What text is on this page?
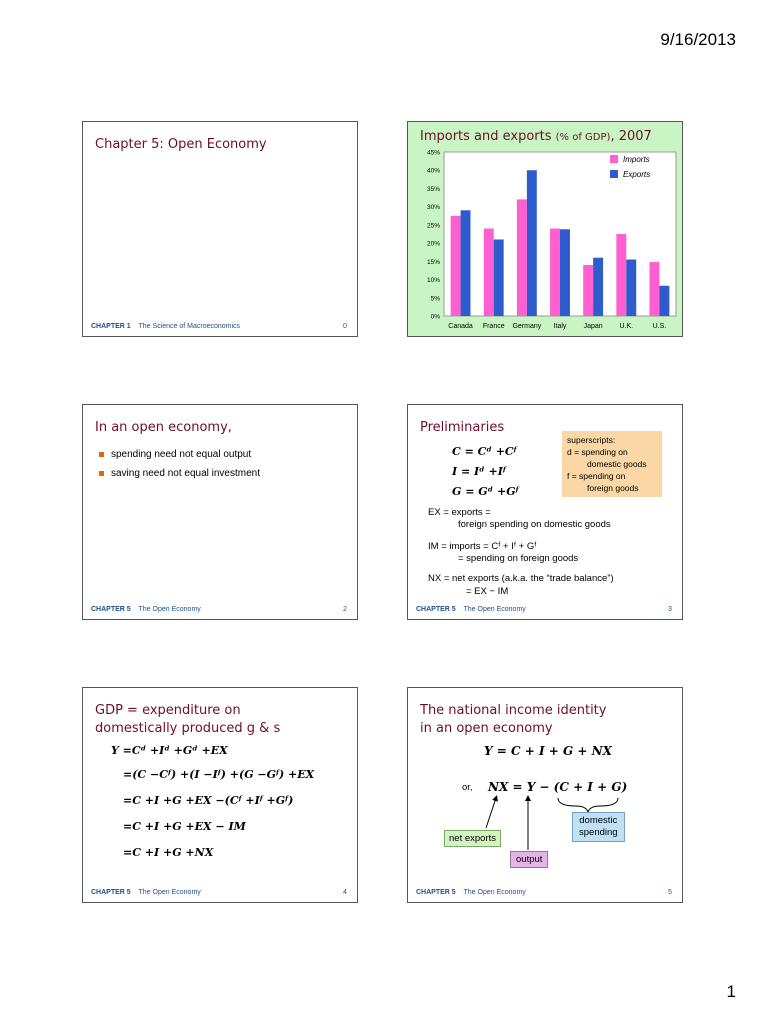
9/16/2013
Chapter 5: Open Economy
CHAPTER 1 The Science of Macroeconomics	0
Imports and exports (% of GDP), 2007
0%
5%
10%
15%
20%
25%
30%
35%
40%
45%
Canada France Germany Italy Japan U.K.	U.S.
Imports
Exports
In an open economy,
spending need not equal output
saving need not equal investment
CHAPTER 5 The Open Economy	2
Preliminaries
C = Cᵈ +Cᶠ
I = Iᵈ +Iᶠ
G = Gᵈ +Gᶠ
superscripts:
d = spending on
domestic goods
f = spending on
foreign goods
EX = exports =
foreign spending on domestic goods
IM = imports = Cᶠ + Iᶠ + Gᶠ
= spending on foreign goods
NX = net exports (a.k.a. the “trade balance”)
= EX − IM
CHAPTER 5 The Open Economy	3
GDP = expenditure on
domestically produced g & s
Y =Cᵈ +Iᵈ +Gᵈ +EX
=(C −Cᶠ) +(I −Iᶠ) +(G −Gᶠ) +EX
=C +I +G +EX −(Cᶠ +Iᶠ +Gᶠ)
=C +I +G +EX − IM
=C +I +G +NX
CHAPTER 5 The Open Economy	4
The national income identity
in an open economy
Y = C + I + G + NX
or, NX = Y − (C + I + G)
net exports
output
domestic
spending
CHAPTER 5 The Open Economy	5
1
